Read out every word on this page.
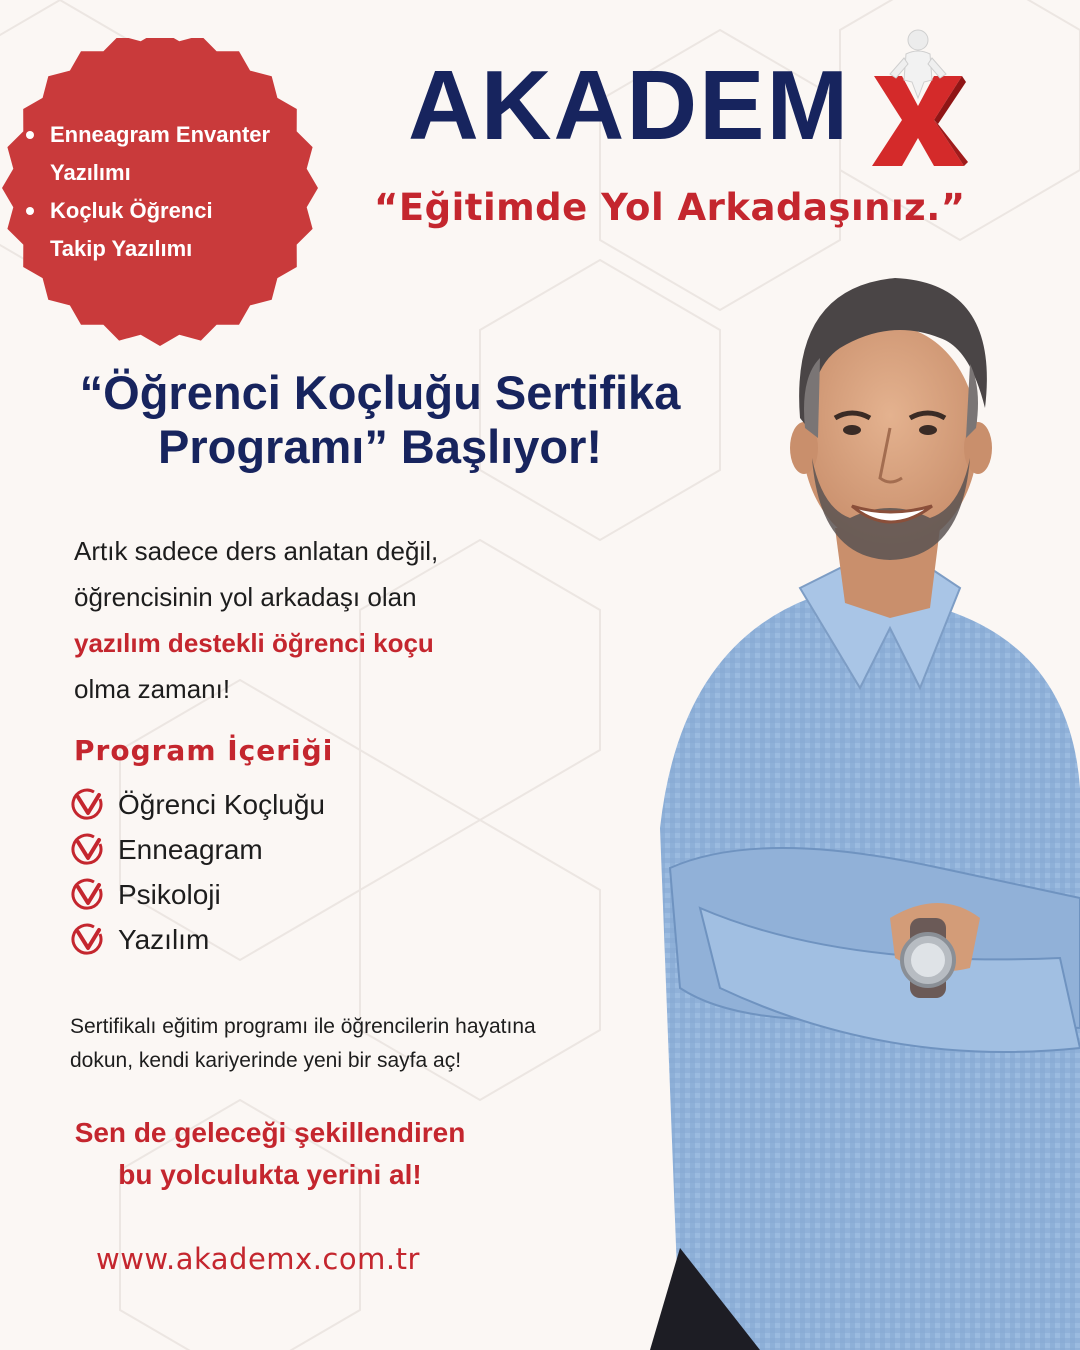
Enneagram Envanter
Yazılımı
Koçluk Öğrenci
Takip Yazılımı
AKADEM
“Eğitimde Yol Arkadaşınız.”
“Öğrenci Koçluğu Sertifika
Programı” Başlıyor!
Artık sadece ders anlatan değil,
öğrencisinin yol arkadaşı olan
yazılım destekli öğrenci koçu
olma zamanı!
Program İçeriği
Öğrenci Koçluğu
Enneagram
Psikoloji
Yazılım
Sertifikalı eğitim programı ile öğrencilerin hayatına
dokun, kendi kariyerinde yeni bir sayfa aç!
Sen de geleceği şekillendiren
bu yolculukta yerini al!
www.akademx.com.tr
